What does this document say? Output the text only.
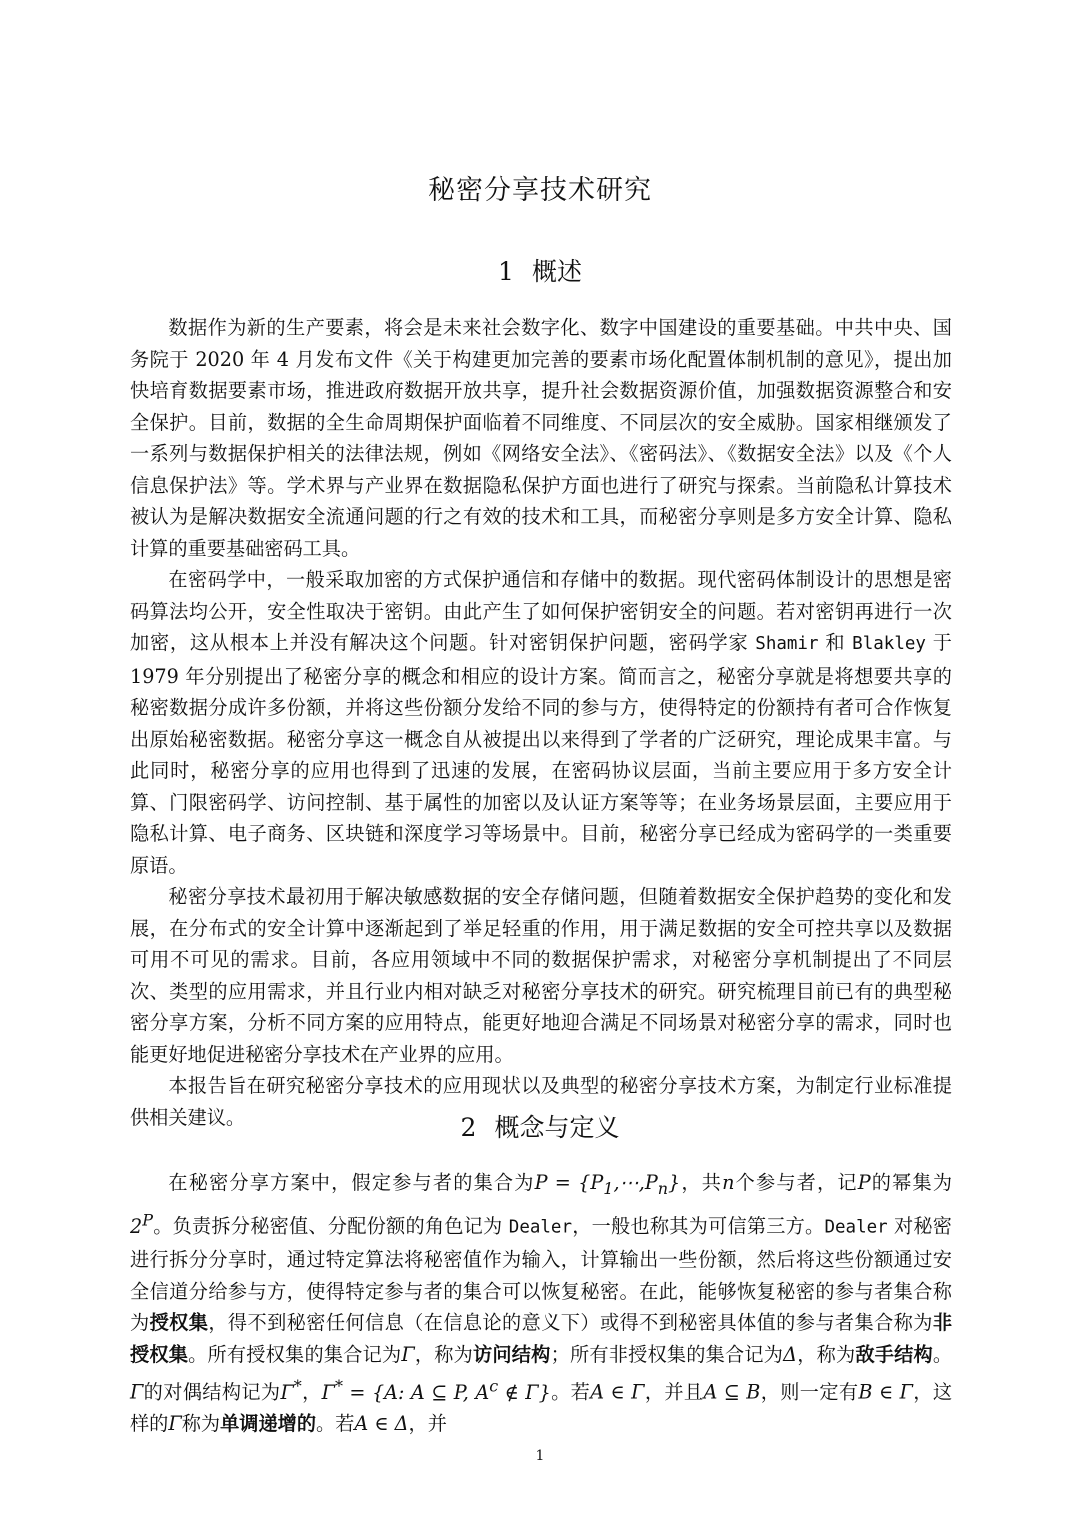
秘密分享技术研究
1 概述

数据作为新的生产要素，将会是未来社会数字化、数字中国建设的重要基础。中共中央、国务院于 2020 年 4 月发布文件《关于构建更加完善的要素市场化配置体制机制的意见》，提出加快培育数据要素市场，推进政府数据开放共享，提升社会数据资源价值，加强数据资源整合和安全保护。目前，数据的全生命周期保护面临着不同维度、不同层次的安全威胁。国家相继颁发了一系列与数据保护相关的法律法规，例如《网络安全法》、《密码法》、《数据安全法》以及《个人信息保护法》等。学术界与产业界在数据隐私保护方面也进行了研究与探索。当前隐私计算技术被认为是解决数据安全流通问题的行之有效的技术和工具，而秘密分享则是多方安全计算、隐私计算的重要基础密码工具。

在密码学中，一般采取加密的方式保护通信和存储中的数据。现代密码体制设计的思想是密码算法均公开，安全性取决于密钥。由此产生了如何保护密钥安全的问题。若对密钥再进行一次加密，这从根本上并没有解决这个问题。针对密钥保护问题，密码学家 Shamir 和 Blakley 于 1979 年分别提出了秘密分享的概念和相应的设计方案。简而言之，秘密分享就是将想要共享的秘密数据分成许多份额，并将这些份额分发给不同的参与方，使得特定的份额持有者可合作恢复出原始秘密数据。秘密分享这一概念自从被提出以来得到了学者的广泛研究，理论成果丰富。与此同时，秘密分享的应用也得到了迅速的发展，在密码协议层面，当前主要应用于多方安全计算、门限密码学、访问控制、基于属性的加密以及认证方案等等；在业务场景层面，主要应用于隐私计算、电子商务、区块链和深度学习等场景中。目前，秘密分享已经成为密码学的一类重要原语。

秘密分享技术最初用于解决敏感数据的安全存储问题，但随着数据安全保护趋势的变化和发展，在分布式的安全计算中逐渐起到了举足轻重的作用，用于满足数据的安全可控共享以及数据可用不可见的需求。目前，各应用领域中不同的数据保护需求，对秘密分享机制提出了不同层次、类型的应用需求，并且行业内相对缺乏对秘密分享技术的研究。研究梳理目前已有的典型秘密分享方案，分析不同方案的应用特点，能更好地迎合满足不同场景对秘密分享的需求，同时也能更好地促进秘密分享技术在产业界的应用。

本报告旨在研究秘密分享技术的应用现状以及典型的秘密分享技术方案，为制定行业标准提供相关建议。	2 概念与定义

在秘密分享方案中，假定参与者的集合为$P = \{P_1,\cdots,P_n\}$，共n个参与者，记P的幂集为$2^P$。负责拆分秘密值、分配份额的角色记为 Dealer，一般也称其为可信第三方。Dealer 对秘密进行拆分分享时，通过特定算法将秘密值作为输入，计算输出一些份额，然后将这些份额通过安全信道分给参与方，使得特定参与者的集合可以恢复秘密。在此，能够恢复秘密的参与者集合称为授权集，得不到秘密任何信息（在信息论的意义下）或得不到秘密具体值的参与者集合称为非授权集。所有授权集的集合记为Γ，称为访问结构；所有非授权集的集合记为Δ，称为敌手结构。Γ的对偶结构记为Γ*，Γ* = {A: A ⊆ P, $A^c$ ∉ Γ}。若A ∈ Γ，并且A ⊆ B，则一定有B ∈ Γ，这样的Γ称为单调递增的。若A ∈ Δ，并

1
